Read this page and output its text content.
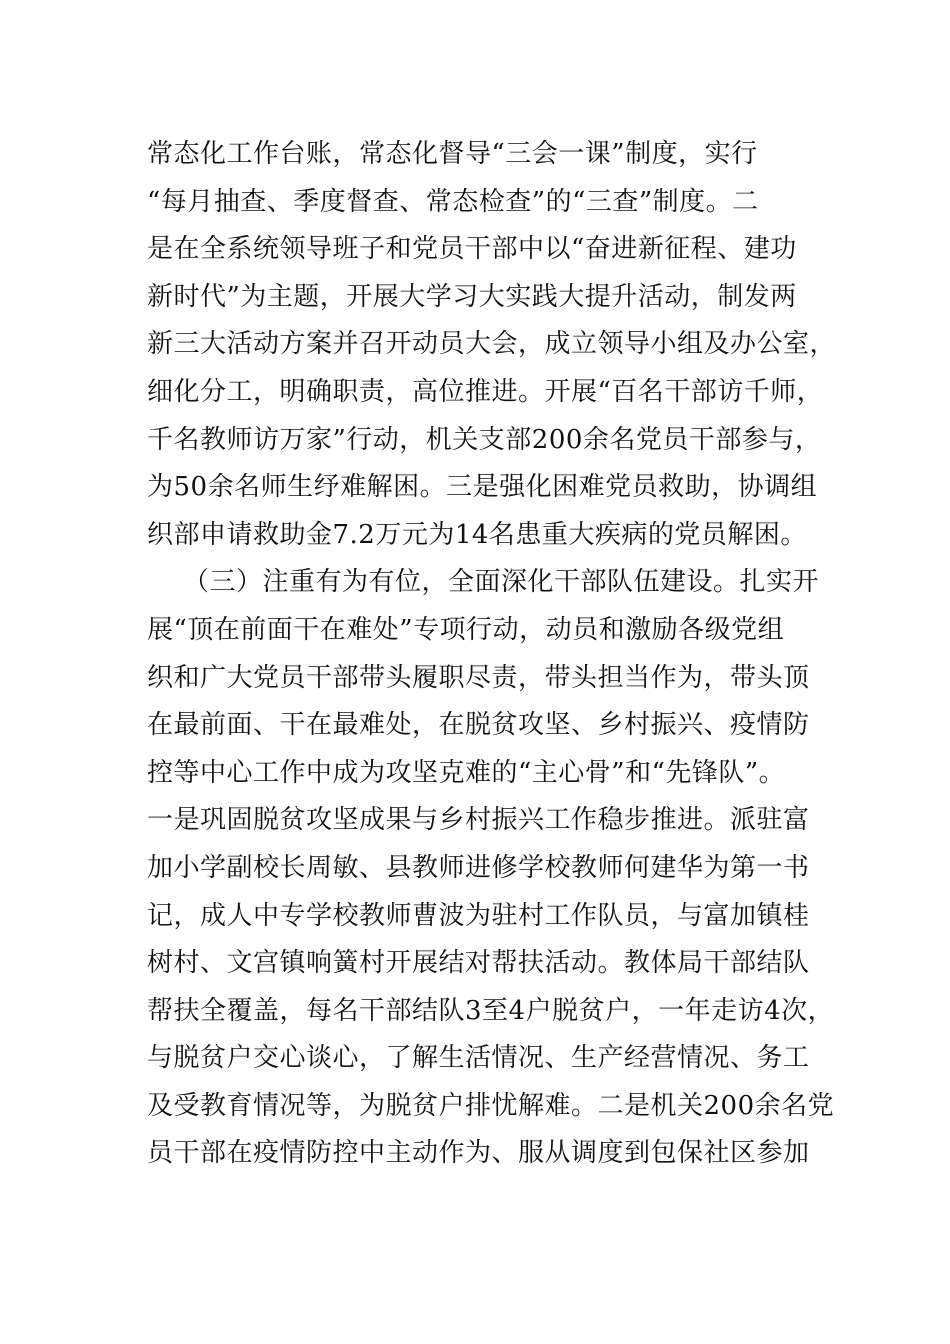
常态化工作台账，常态化督导“三会一课”制度，实行
“每月抽查、季度督查、常态检查”的“三查”制度。二
是在全系统领导班子和党员干部中以“奋进新征程、建功
新时代”为主题，开展大学习大实践大提升活动，制发两
新三大活动方案并召开动员大会，成立领导小组及办公室，
细化分工，明确职责，高位推进。开展“百名干部访千师，
千名教师访万家”行动，机关支部200余名党员干部参与，
为50余名师生纾难解困。三是强化困难党员救助，协调组
织部申请救助金7.2万元为14名患重大疾病的党员解困。
（三）注重有为有位，全面深化干部队伍建设。扎实开
展“顶在前面干在难处”专项行动，动员和激励各级党组
织和广大党员干部带头履职尽责，带头担当作为，带头顶
在最前面、干在最难处，在脱贫攻坚、乡村振兴、疫情防
控等中心工作中成为攻坚克难的“主心骨”和“先锋队”。
一是巩固脱贫攻坚成果与乡村振兴工作稳步推进。派驻富
加小学副校长周敏、县教师进修学校教师何建华为第一书
记，成人中专学校教师曹波为驻村工作队员，与富加镇桂
树村、文宫镇响簧村开展结对帮扶活动。教体局干部结队
帮扶全覆盖，每名干部结队3至4户脱贫户，一年走访4次，
与脱贫户交心谈心，了解生活情况、生产经营情况、务工
及受教育情况等，为脱贫户排忧解难。二是机关200余名党
员干部在疫情防控中主动作为、服从调度到包保社区参加
